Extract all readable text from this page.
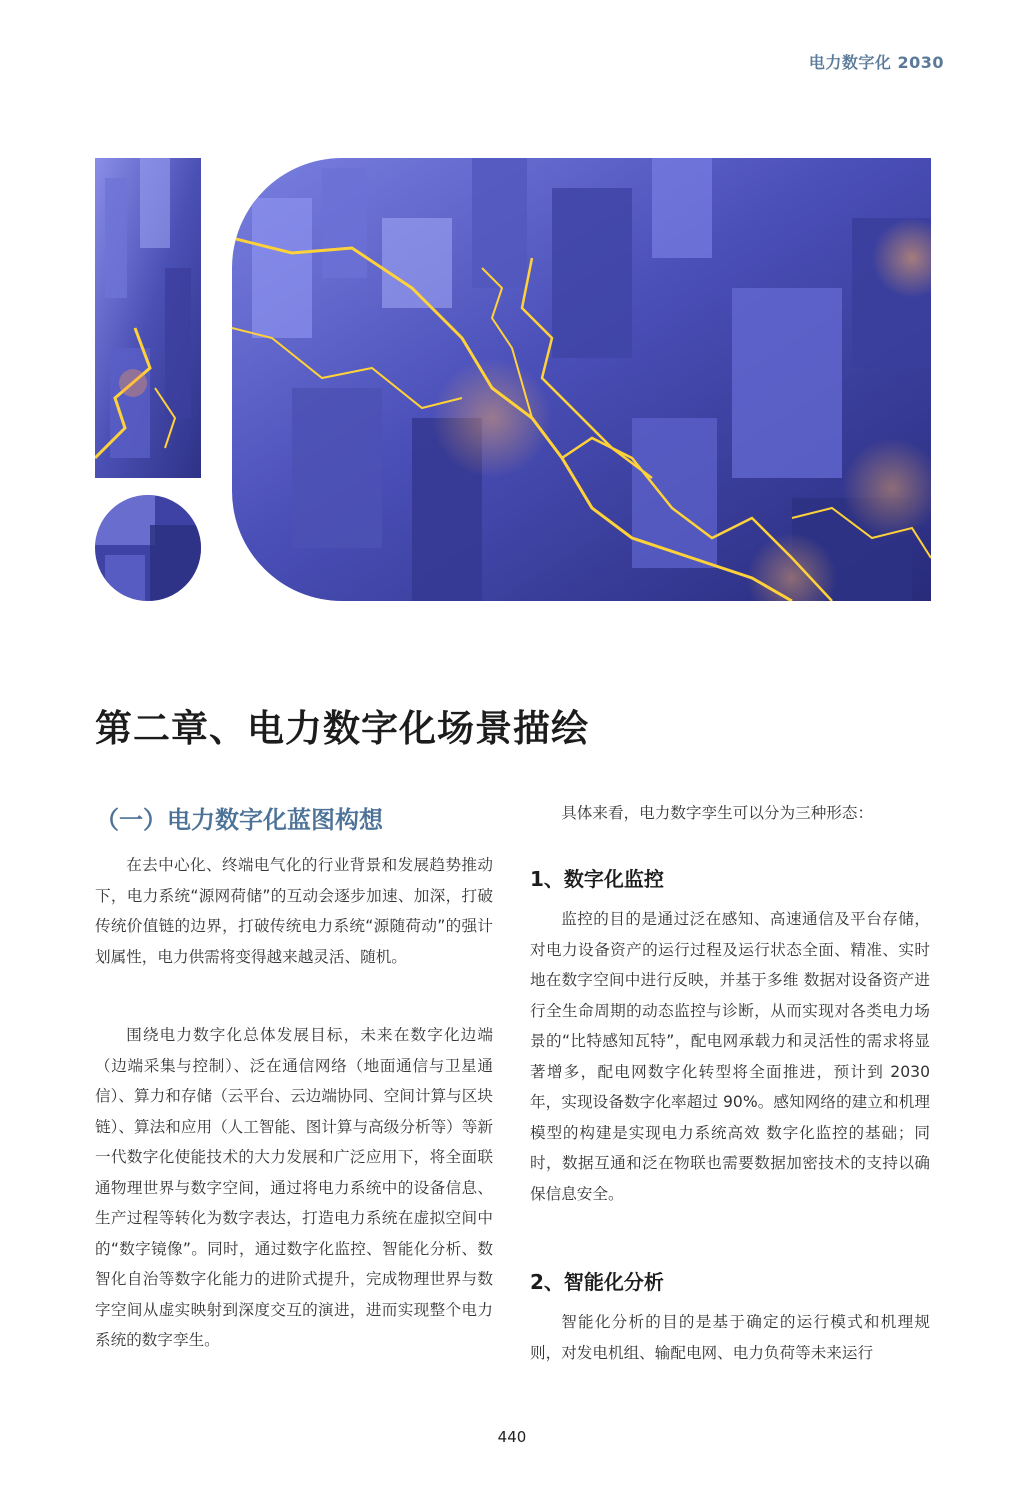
电力数字化 2030
第二章、电力数字化场景描绘
（一）电力数字化蓝图构想

在去中心化、终端电气化的行业背景和发展趋势推动下，电力系统“源网荷储”的互动会逐步加速、加深，打破传统价值链的边界，打破传统电力系统“源随荷动”的强计划属性，电力供需将变得越来越灵活、随机。

围绕电力数字化总体发展目标，未来在数字化边端（边端采集与控制）、泛在通信网络（地面通信与卫星通信）、算力和存储（云平台、云边端协同、空间计算与区块链）、算法和应用（人工智能、图计算与高级分析等）等新一代数字化使能技术的大力发展和广泛应用下，将全面联通物理世界与数字空间，通过将电力系统中的设备信息、生产过程等转化为数字表达，打造电力系统在虚拟空间中的“数字镜像”。同时，通过数字化监控、智能化分析、数智化自治等数字化能力的进阶式提升，完成物理世界与数字空间从虚实映射到深度交互的演进，进而实现整个电力系统的数字孪生。

具体来看，电力数字孪生可以分为三种形态：

1、数字化监控

监控的目的是通过泛在感知、高速通信及平台存储，对电力设备资产的运行过程及运行状态全面、精准、实时地在数字空间中进行反映，并基于多维 数据对设备资产进行全生命周期的动态监控与诊断，从而实现对各类电力场景的“比特感知瓦特”，配电网承载力和灵活性的需求将显著增多，配电网数字化转型将全面推进，预计到 2030 年，实现设备数字化率超过 90%。感知网络的建立和机理模型的构建是实现电力系统高效 数字化监控的基础；同时，数据互通和泛在物联也需要数据加密技术的支持以确保信息安全。

2、智能化分析

智能化分析的目的是基于确定的运行模式和机理规则，对发电机组、输配电网、电力负荷等未来运行

440
